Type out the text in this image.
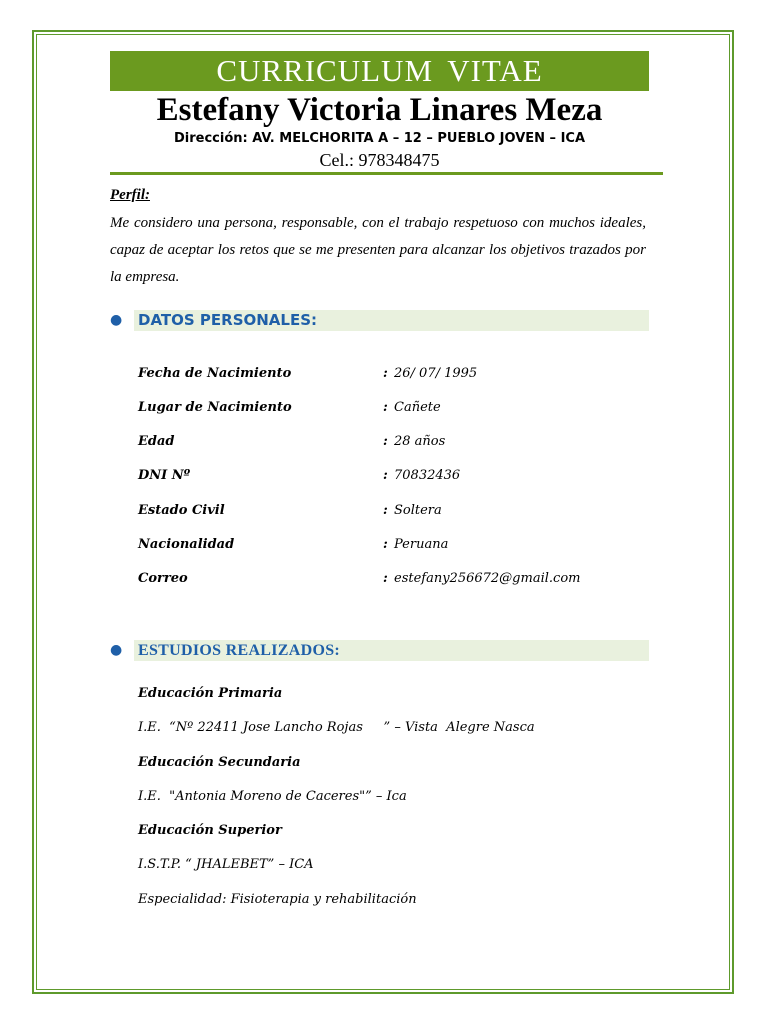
CURRICULUM VITAE
Estefany Victoria Linares Meza
Dirección: AV. MELCHORITA A – 12 – PUEBLO JOVEN – ICA
Cel.: 978348475
Perfil:
Me considero una persona, responsable, con el trabajo respetuoso con muchos ideales, capaz de aceptar los retos que se me presenten para alcanzar los objetivos trazados por la empresa.
● DATOS PERSONALES:
Fecha de Nacimiento	: 26/ 07/ 1995
Lugar de Nacimiento	: Cañete
Edad	: 28 años
DNI Nº	: 70832436
Estado Civil	: Soltera
Nacionalidad	: Peruana
Correo	: estefany256672@gmail.com
● ESTUDIOS REALIZADOS:
Educación Primaria
I.E.  “Nº 22411 Jose Lancho Rojas     ” – Vista  Alegre Nasca
Educación Secundaria
I.E.  "Antonia Moreno de Caceres"” – Ica
Educación Superior
I.S.T.P. “ JHALEBET” – ICA
Especialidad: Fisioterapia y rehabilitación
